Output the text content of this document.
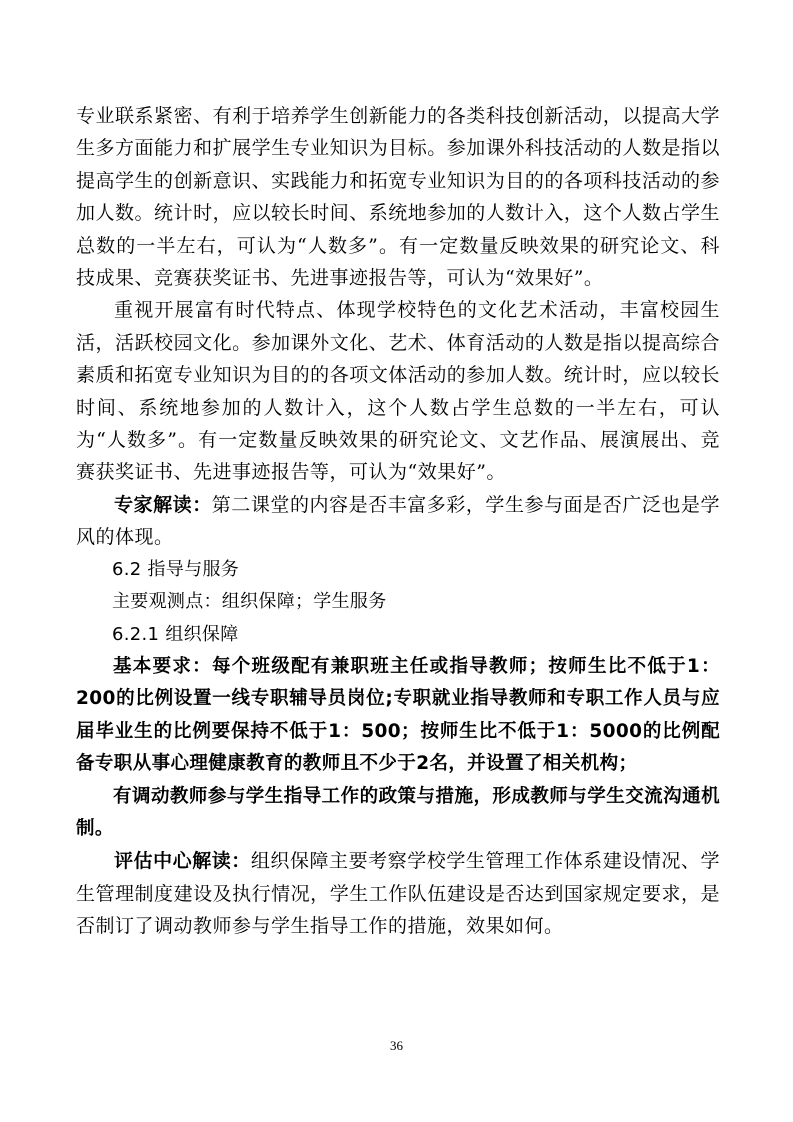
专业联系紧密、有利于培养学生创新能力的各类科技创新活动，以提高大学生多方面能力和扩展学生专业知识为目标。参加课外科技活动的人数是指以提高学生的创新意识、实践能力和拓宽专业知识为目的的各项科技活动的参加人数。统计时，应以较长时间、系统地参加的人数计入，这个人数占学生总数的一半左右，可认为“人数多”。有一定数量反映效果的研究论文、科技成果、竞赛获奖证书、先进事迹报告等，可认为“效果好”。

重视开展富有时代特点、体现学校特色的文化艺术活动，丰富校园生活，活跃校园文化。参加课外文化、艺术、体育活动的人数是指以提高综合素质和拓宽专业知识为目的的各项文体活动的参加人数。统计时，应以较长时间、系统地参加的人数计入，这个人数占学生总数的一半左右，可认为“人数多”。有一定数量反映效果的研究论文、文艺作品、展演展出、竞赛获奖证书、先进事迹报告等，可认为“效果好”。

专家解读：第二课堂的内容是否丰富多彩，学生参与面是否广泛也是学风的体现。

6.2 指导与服务

主要观测点：组织保障；学生服务

6.2.1 组织保障

基本要求：每个班级配有兼职班主任或指导教师；按师生比不低于1：200的比例设置一线专职辅导员岗位;专职就业指导教师和专职工作人员与应届毕业生的比例要保持不低于1：500；按师生比不低于1：5000的比例配备专职从事心理健康教育的教师且不少于2名，并设置了相关机构；

有调动教师参与学生指导工作的政策与措施，形成教师与学生交流沟通机制。

评估中心解读：组织保障主要考察学校学生管理工作体系建设情况、学生管理制度建设及执行情况，学生工作队伍建设是否达到国家规定要求，是否制订了调动教师参与学生指导工作的措施，效果如何。

36
